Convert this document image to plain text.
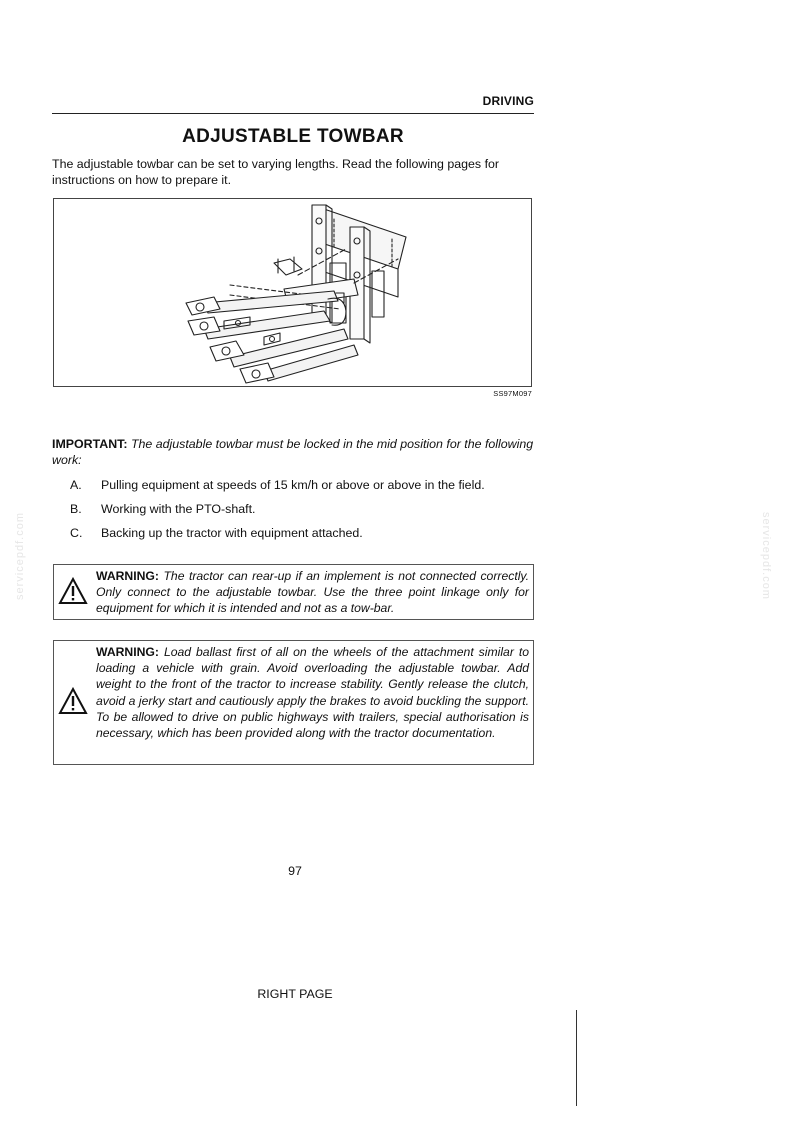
DRIVING
ADJUSTABLE TOWBAR
The adjustable towbar can be set to varying lengths. Read the following pages for instructions on how to prepare it.
SS97M097
IMPORTANT: The adjustable towbar must be locked in the mid position for the following work:
A.	Pulling equipment at speeds of 15 km/h or above or above in the field.
B.	Working with the PTO-shaft.
C.	Backing up the tractor with equipment attached.
WARNING: The tractor can rear-up if an implement is not connected correctly. Only connect to the adjustable towbar. Use the three point linkage only for equipment for which it is intended and not as a tow-bar.
WARNING: Load ballast first of all on the wheels of the attachment similar to loading a vehicle with grain. Avoid overloading the adjustable towbar. Add weight to the front of the tractor to increase stability. Gently release the clutch, avoid a jerky start and cautiously apply the brakes to avoid buckling the support. To be allowed to drive on public highways with trailers, special authorisation is necessary, which has been provided along with the tractor documentation.
97
RIGHT PAGE
servicepdf.com	servicepdf.com
